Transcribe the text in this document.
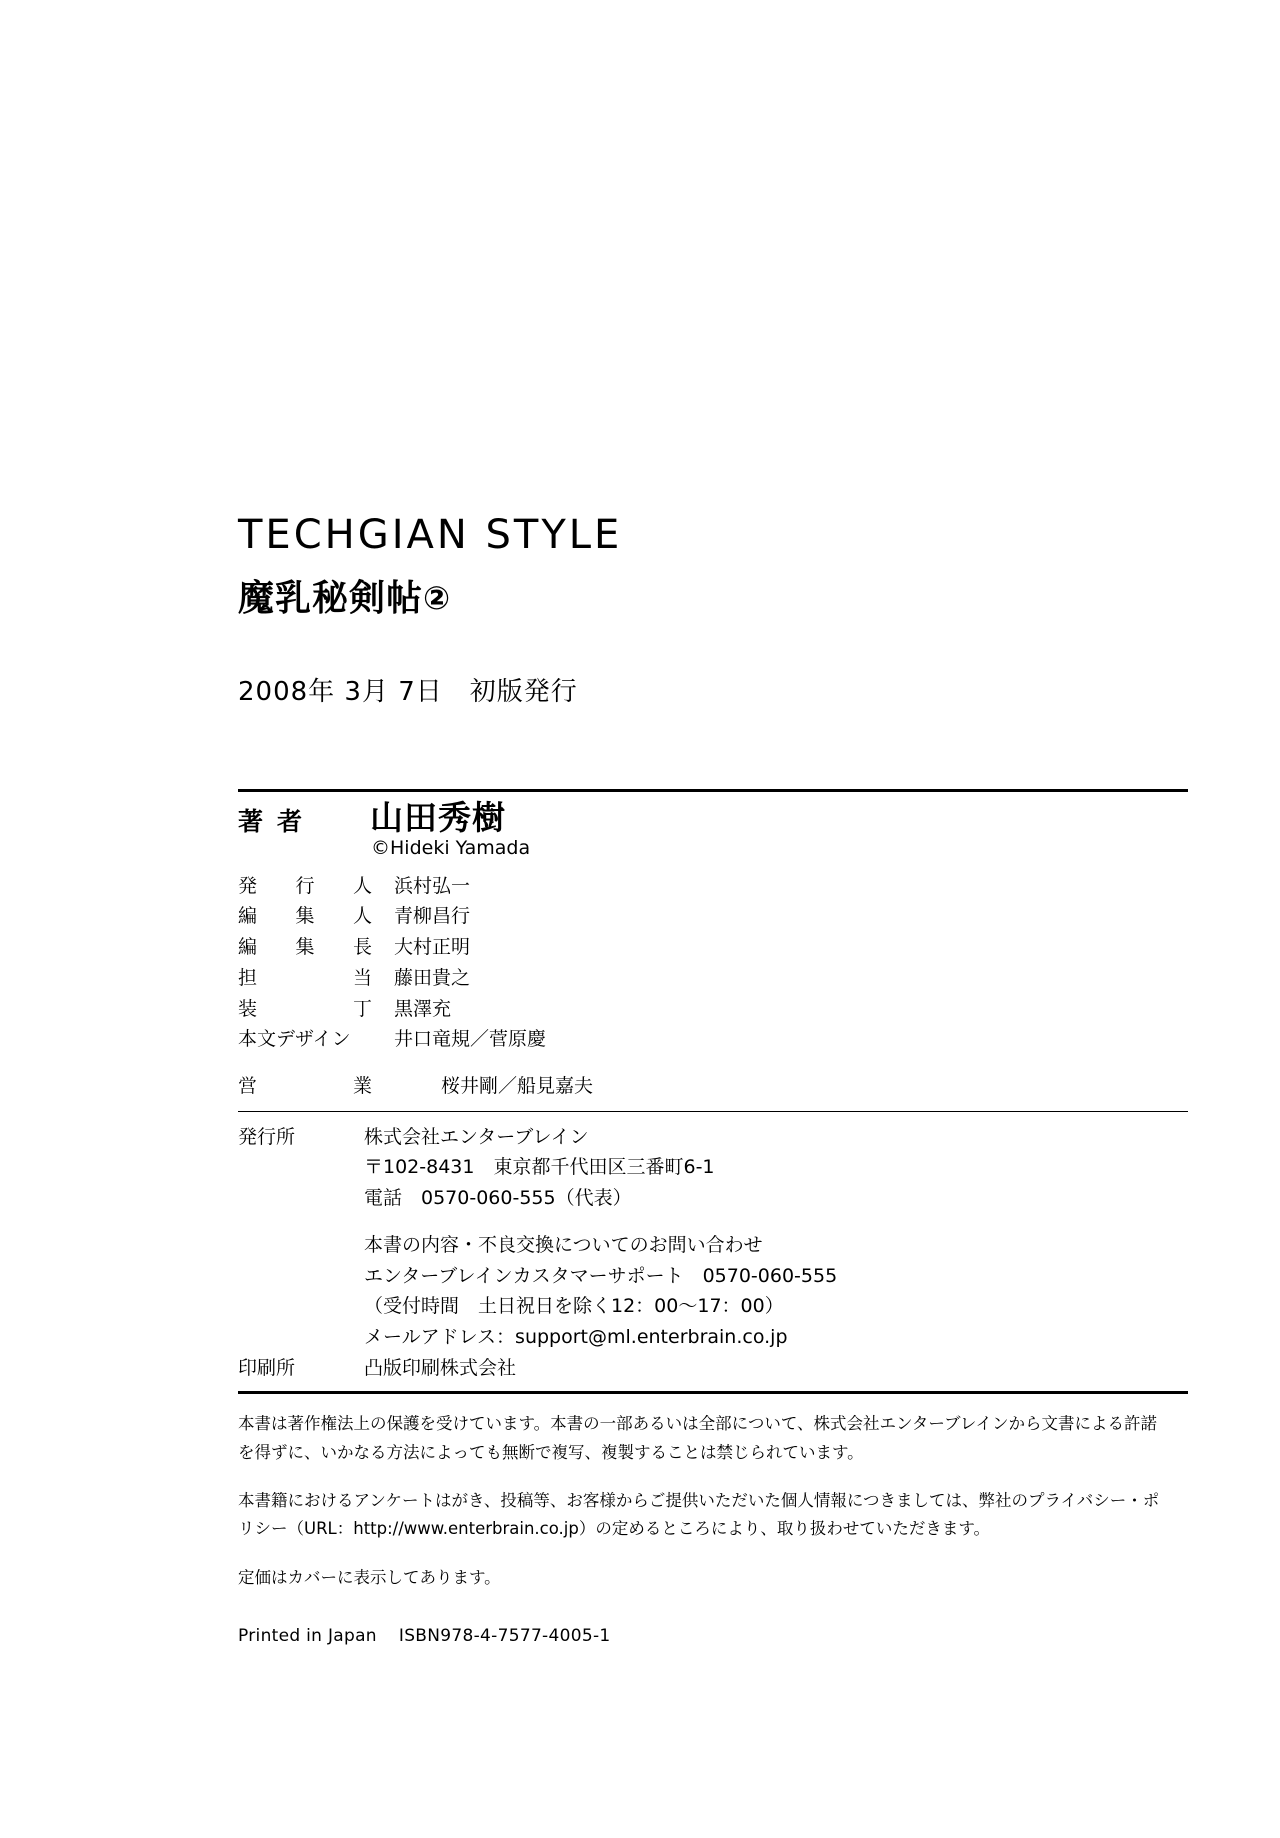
TECHGIAN STYLE
魔乳秘剣帖②
2008年 3月 7日　初版発行
著者	山田秀樹
©Hideki Yamada
発 行 人 浜村弘一
編 集 人 青柳昌行
編 集 長 大村正明
担	当 藤田貴之
装	丁 黒澤充
本文デザイン	井口竜規／菅原慶
営	業	桜井剛／船見嘉夫
発行所	株式会社エンターブレイン
〒102-8431　東京都千代田区三番町6-1
電話　0570-060-555（代表）
本書の内容・不良交換についてのお問い合わせ
エンターブレインカスタマーサポート　0570-060-555
（受付時間　土日祝日を除く12：00〜17：00）
メールアドレス：support@ml.enterbrain.co.jp
印刷所	凸版印刷株式会社

本書は著作権法上の保護を受けています。本書の一部あるいは全部について、株式会社エンターブレインから文書による許諾を得ずに、いかなる方法によっても無断で複写、複製することは禁じられています。

本書籍におけるアンケートはがき、投稿等、お客様からご提供いただいた個人情報につきましては、弊社のプライバシー・ポリシー（URL：http://www.enterbrain.co.jp）の定めるところにより、取り扱わせていただきます。

定価はカバーに表示してあります。

Printed in Japan ISBN978-4-7577-4005-1
